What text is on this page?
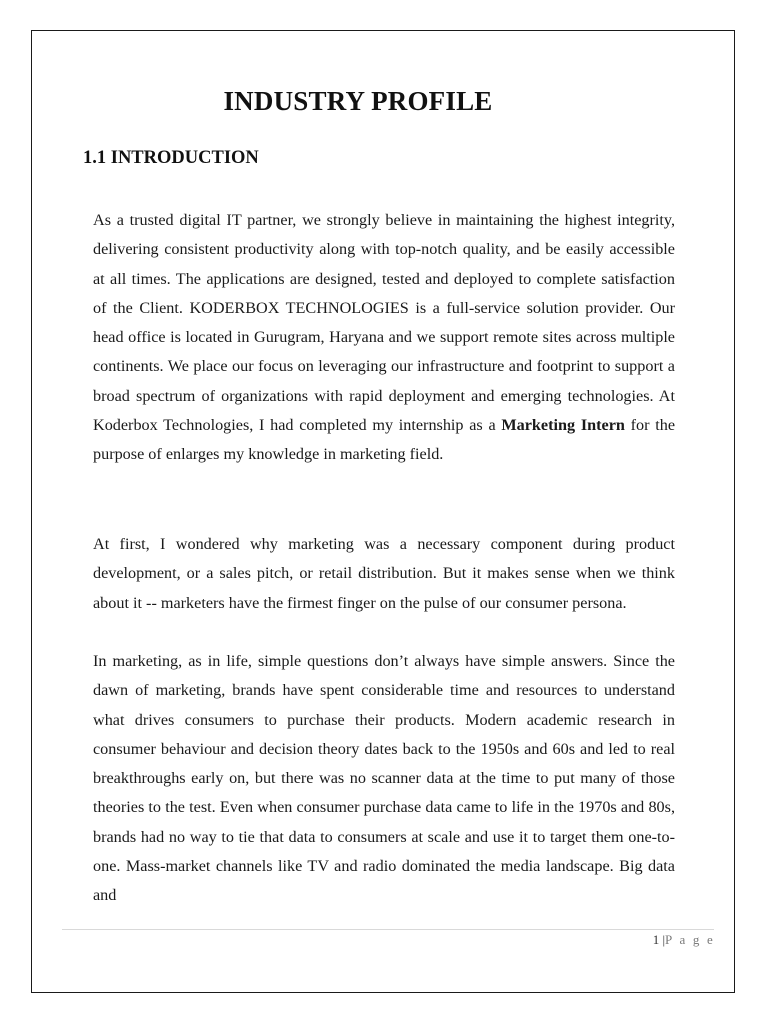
INDUSTRY PROFILE
1.1 INTRODUCTION

As a trusted digital IT partner, we strongly believe in maintaining the highest integrity, delivering consistent productivity along with top-notch quality, and be easily accessible at all times. The applications are designed, tested and deployed to complete satisfaction of the Client. KODERBOX TECHNOLOGIES is a full-service solution provider. Our head office is located in Gurugram, Haryana and we support remote sites across multiple continents. We place our focus on leveraging our infrastructure and footprint to support a broad spectrum of organizations with rapid deployment and emerging technologies. At Koderbox Technologies, I had completed my internship as a Marketing Intern for the purpose of enlarges my knowledge in marketing field.

At first, I wondered why marketing was a necessary component during product development, or a sales pitch, or retail distribution. But it makes sense when we think about it -- marketers have the firmest finger on the pulse of our consumer persona.

In marketing, as in life, simple questions don’t always have simple answers. Since the dawn of marketing, brands have spent considerable time and resources to understand what drives consumers to purchase their products. Modern academic research in consumer behaviour and decision theory dates back to the 1950s and 60s and led to real breakthroughs early on, but there was no scanner data at the time to put many of those theories to the test. Even when consumer purchase data came to life in the 1970s and 80s, brands had no way to tie that data to consumers at scale and use it to target them one-to-one. Mass-market channels like TV and radio dominated the media landscape. Big data and

1 |P a g e
